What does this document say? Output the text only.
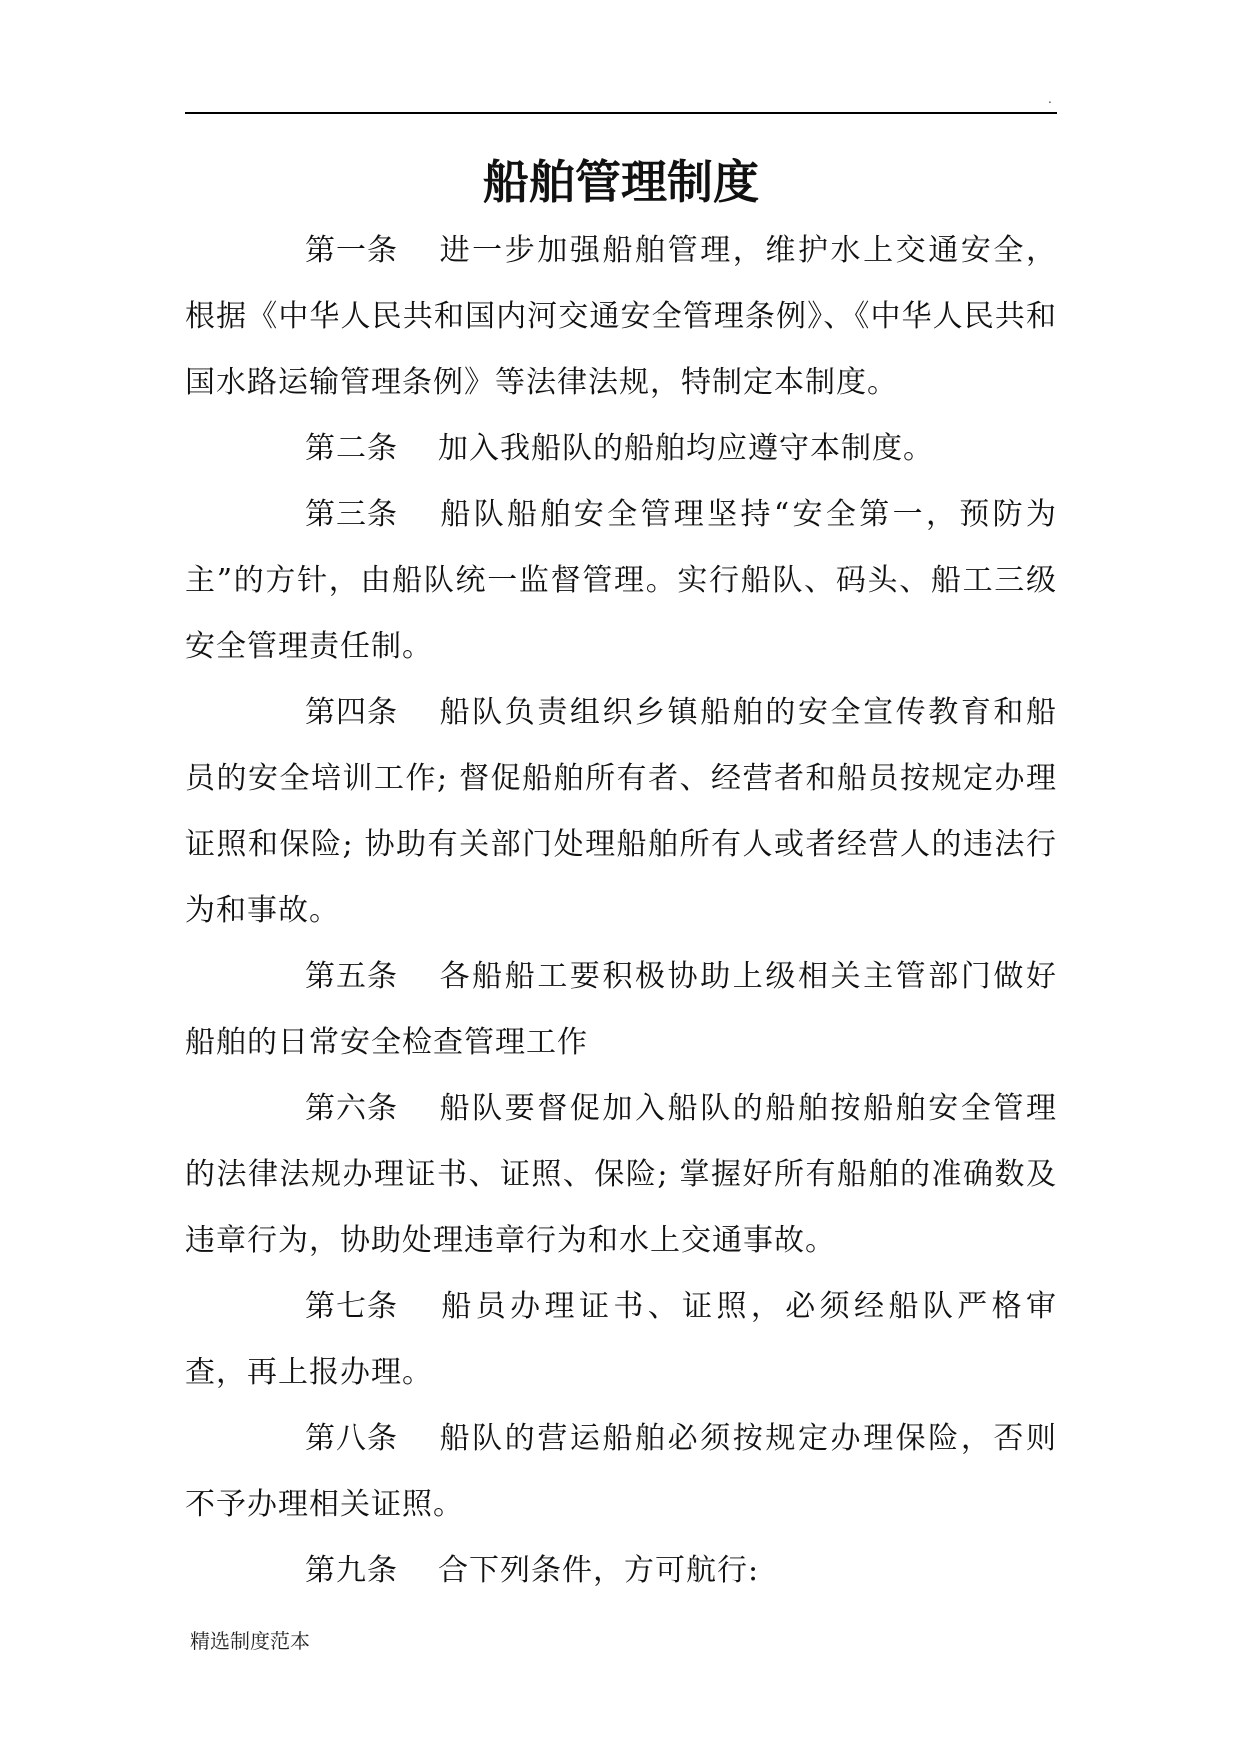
.
船舶管理制度

第一条 进一步加强船舶管理，维护水上交通安全，根据《中华人民共和国内河交通安全管理条例》、《中华人民共和国水路运输管理条例》等法律法规，特制定本制度。

第二条 加入我船队的船舶均应遵守本制度。

第三条 船队船舶安全管理坚持“安全第一，预防为主”的方针，由船队统一监督管理。实行船队、码头、船工三级安全管理责任制。

第四条 船队负责组织乡镇船舶的安全宣传教育和船员的安全培训工作; 督促船舶所有者、经营者和船员按规定办理证照和保险; 协助有关部门处理船舶所有人或者经营人的违法行为和事故。

第五条 各船船工要积极协助上级相关主管部门做好船舶的日常安全检查管理工作

第六条 船队要督促加入船队的船舶按船舶安全管理的法律法规办理证书、证照、保险; 掌握好所有船舶的准确数及违章行为，协助处理违章行为和水上交通事故。

第七条 船员办理证书、证照，必须经船队严格审查，再上报办理。

第八条 船队的营运船舶必须按规定办理保险，否则不予办理相关证照。

第九条 合下列条件，方可航行:

精选制度范本
